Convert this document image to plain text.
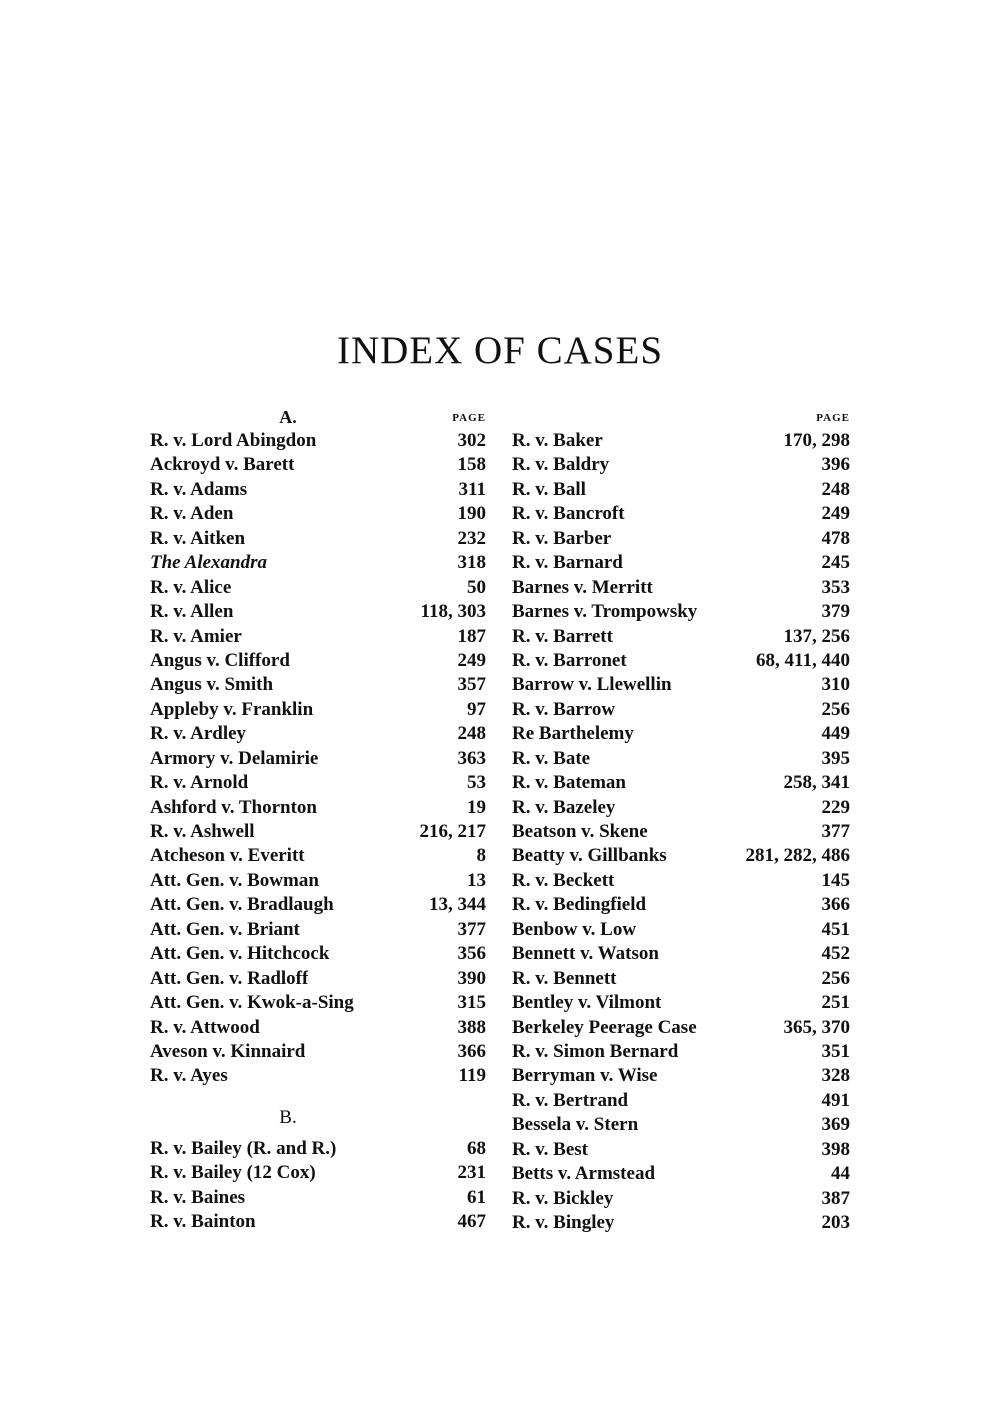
INDEX OF CASES
A.	PAGE
R. v. Lord Abingdon	302
Ackroyd v. Barett	158
R. v. Adams	311
R. v. Aden	190
R. v. Aitken	232
The Alexandra	318
R. v. Alice	50
R. v. Allen	118, 303
R. v. Amier	187
Angus v. Clifford	249
Angus v. Smith	357
Appleby v. Franklin	97
R. v. Ardley	248
Armory v. Delamirie	363
R. v. Arnold	53
Ashford v. Thornton	19
R. v. Ashwell	216, 217
Atcheson v. Everitt	8
Att. Gen. v. Bowman	13
Att. Gen. v. Bradlaugh	13, 344
Att. Gen. v. Briant	377
Att. Gen. v. Hitchcock	356
Att. Gen. v. Radloff	390
Att. Gen. v. Kwok-a-Sing	315
R. v. Attwood	388
Aveson v. Kinnaird	366
R. v. Ayes	119
B.
R. v. Bailey (R. and R.)	68
R. v. Bailey (12 Cox)	231
R. v. Baines	61
R. v. Bainton	467
PAGE
R. v. Baker	170, 298
R. v. Baldry	396
R. v. Ball	248
R. v. Bancroft	249
R. v. Barber	478
R. v. Barnard	245
Barnes v. Merritt	353
Barnes v. Trompowsky	379
R. v. Barrett	137, 256
R. v. Barronet	68, 411, 440
Barrow v. Llewellin	310
R. v. Barrow	256
Re Barthelemy	449
R. v. Bate	395
R. v. Bateman	258, 341
R. v. Bazeley	229
Beatson v. Skene	377
Beatty v. Gillbanks	281, 282, 486
R. v. Beckett	145
R. v. Bedingfield	366
Benbow v. Low	451
Bennett v. Watson	452
R. v. Bennett	256
Bentley v. Vilmont	251
Berkeley Peerage Case	365, 370
R. v. Simon Bernard	351
Berryman v. Wise	328
R. v. Bertrand	491
Bessela v. Stern	369
R. v. Best	398
Betts v. Armstead	44
R. v. Bickley	387
R. v. Bingley	203
